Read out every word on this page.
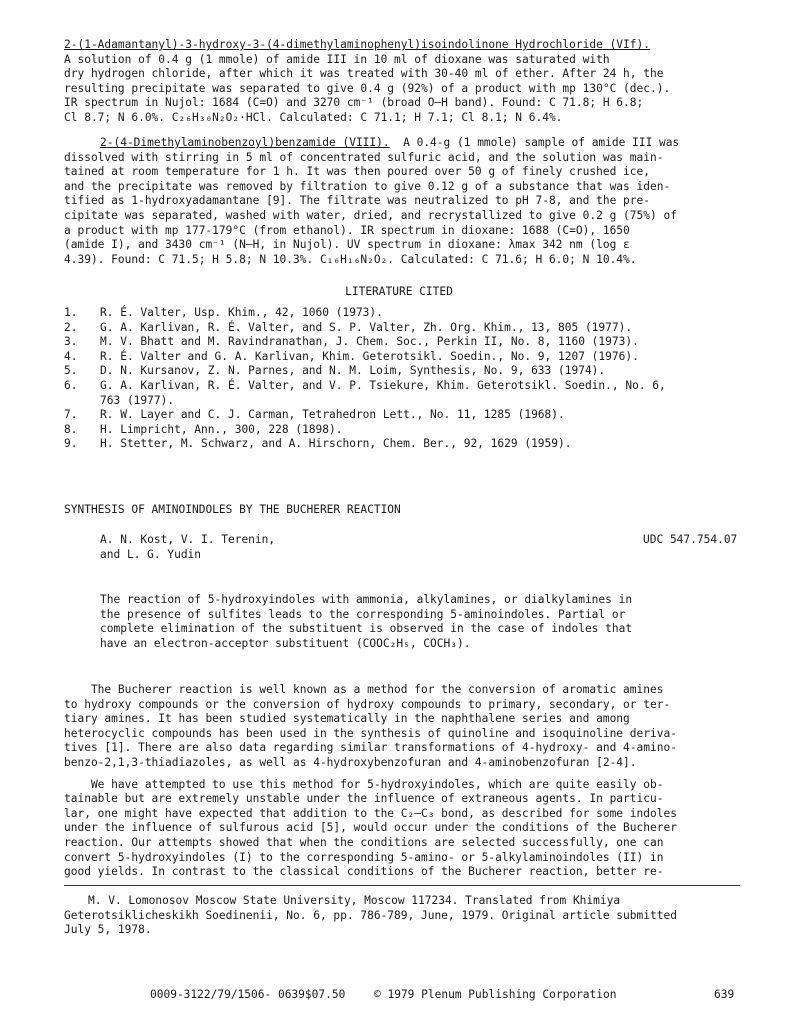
2-(1-Adamantanyl)-3-hydroxy-3-(4-dimethylaminophenyl)isoindolinone Hydrochloride (VIf).
A solution of 0.4 g (1 mmole) of amide III in 10 ml of dioxane was saturated with
dry hydrogen chloride, after which it was treated with 30-40 ml of ether. After 24 h, the
resulting precipitate was separated to give 0.4 g (92%) of a product with mp 130°C (dec.).
IR spectrum in Nujol: 1684 (C=O) and 3270 cm⁻¹ (broad O–H band). Found: C 71.8; H 6.8;
Cl 8.7; N 6.0%. C₂₆H₃₀N₂O₂·HCl. Calculated: C 71.1; H 7.1; Cl 8.1; N 6.4%.
2-(4-Dimethylaminobenzoyl)benzamide (VIII). A 0.4-g (1 mmole) sample of amide III was
dissolved with stirring in 5 ml of concentrated sulfuric acid, and the solution was main-
tained at room temperature for 1 h. It was then poured over 50 g of finely crushed ice,
and the precipitate was removed by filtration to give 0.12 g of a substance that was iden-
tified as 1-hydroxyadamantane [9]. The filtrate was neutralized to pH 7-8, and the pre-
cipitate was separated, washed with water, dried, and recrystallized to give 0.2 g (75%) of
a product with mp 177-179°C (from ethanol). IR spectrum in dioxane: 1688 (C=O), 1650
(amide I), and 3430 cm⁻¹ (N–H, in Nujol). UV spectrum in dioxane: λmax 342 nm (log ε
4.39). Found: C 71.5; H 5.8; N 10.3%. C₁₆H₁₆N₂O₂. Calculated: C 71.6; H 6.0; N 10.4%.
LITERATURE CITED
1. R. É. Valter, Usp. Khim., 42, 1060 (1973).
2. G. A. Karlivan, R. É. Valter, and S. P. Valter, Zh. Org. Khim., 13, 805 (1977).
3. M. V. Bhatt and M. Ravindranathan, J. Chem. Soc., Perkin II, No. 8, 1160 (1973).
4. R. É. Valter and G. A. Karlivan, Khim. Geterotsikl. Soedin., No. 9, 1207 (1976).
5. D. N. Kursanov, Z. N. Parnes, and N. M. Loim, Synthesis, No. 9, 633 (1974).
6. G. A. Karlivan, R. É. Valter, and V. P. Tsiekure, Khim. Geterotsikl. Soedin., No. 6,
763 (1977).
7. R. W. Layer and C. J. Carman, Tetrahedron Lett., No. 11, 1285 (1968).
8. H. Limpricht, Ann., 300, 228 (1898).
9. H. Stetter, M. Schwarz, and A. Hirschorn, Chem. Ber., 92, 1629 (1959).
SYNTHESIS OF AMINOINDOLES BY THE BUCHERER REACTION
A. N. Kost, V. I. Terenin,
and L. G. Yudin
UDC 547.754.07
The reaction of 5-hydroxyindoles with ammonia, alkylamines, or dialkylamines in
the presence of sulfites leads to the corresponding 5-aminoindoles. Partial or
complete elimination of the substituent is observed in the case of indoles that
have an electron-acceptor substituent (COOC₂H₅, COCH₃).
The Bucherer reaction is well known as a method for the conversion of aromatic amines
to hydroxy compounds or the conversion of hydroxy compounds to primary, secondary, or ter-
tiary amines. It has been studied systematically in the naphthalene series and among
heterocyclic compounds has been used in the synthesis of quinoline and isoquinoline deriva-
tives [1]. There are also data regarding similar transformations of 4-hydroxy- and 4-amino-
benzo-2,1,3-thiadiazoles, as well as 4-hydroxybenzofuran and 4-aminobenzofuran [2-4].
We have attempted to use this method for 5-hydroxyindoles, which are quite easily ob-
tainable but are extremely unstable under the influence of extraneous agents. In particu-
lar, one might have expected that addition to the C₂–C₃ bond, as described for some indoles
under the influence of sulfurous acid [5], would occur under the conditions of the Bucherer
reaction. Our attempts showed that when the conditions are selected successfully, one can
convert 5-hydroxyindoles (I) to the corresponding 5-amino- or 5-alkylaminoindoles (II) in
good yields. In contrast to the classical conditions of the Bucherer reaction, better re-
M. V. Lomonosov Moscow State University, Moscow 117234. Translated from Khimiya
Geterotsiklicheskikh Soedinenii, No. 6, pp. 786-789, June, 1979. Original article submitted
July 5, 1978.
0009-3122/79/1506- 0639$07.50	© 1979 Plenum Publishing Corporation	639
